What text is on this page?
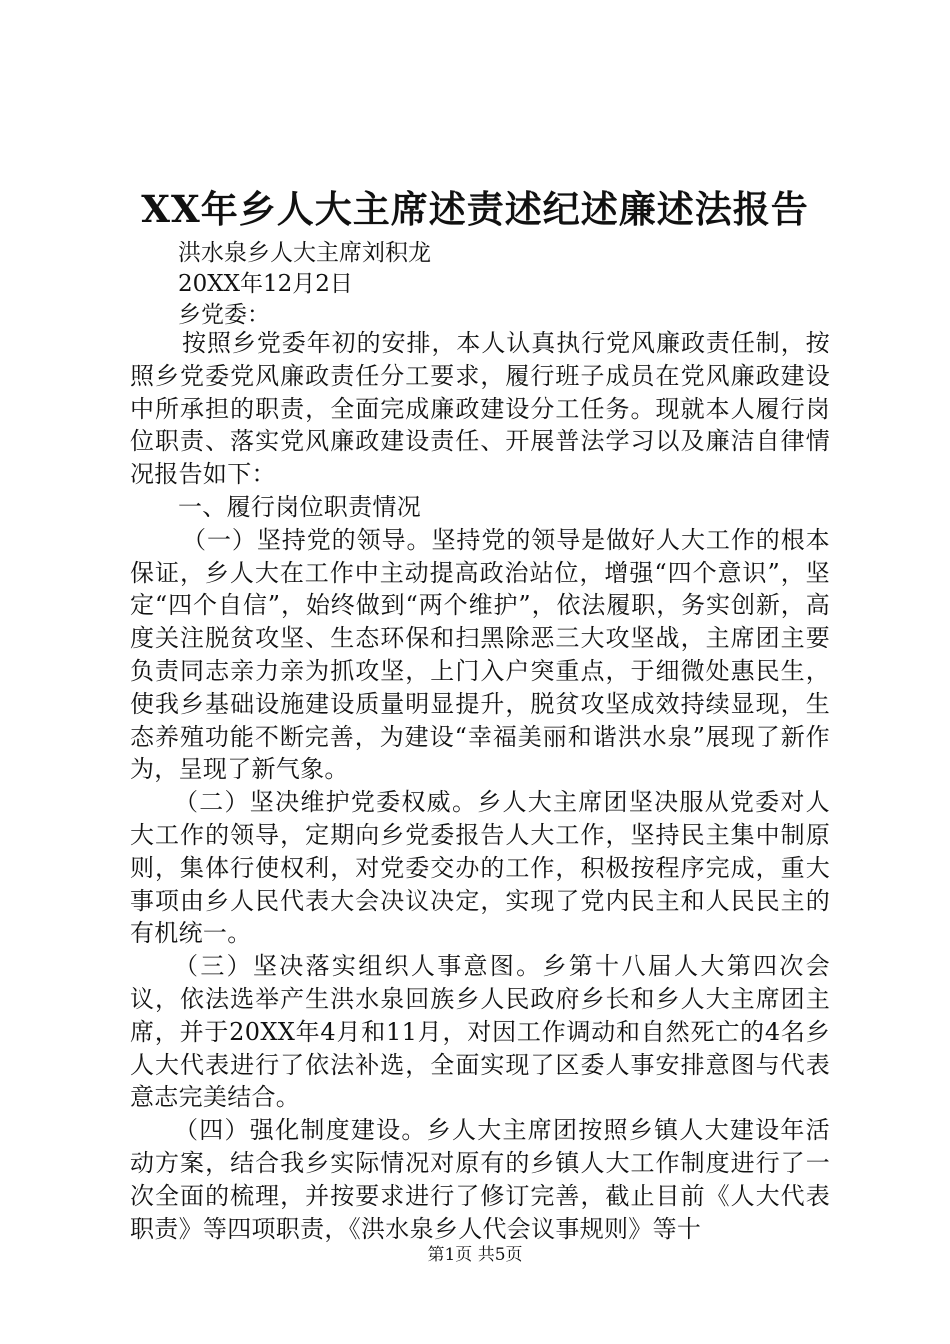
XX年乡人大主席述责述纪述廉述法报告
洪水泉乡人大主席刘积龙
20XX年12月2日
乡党委：

按照乡党委年初的安排，本人认真执行党风廉政责任制，按照乡党委党风廉政责任分工要求，履行班子成员在党风廉政建设中所承担的职责，全面完成廉政建设分工任务。现就本人履行岗位职责、落实党风廉政建设责任、开展普法学习以及廉洁自律情况报告如下：

一、履行岗位职责情况

（一）坚持党的领导。坚持党的领导是做好人大工作的根本保证，乡人大在工作中主动提高政治站位，增强“四个意识”，坚定“四个自信”，始终做到“两个维护”，依法履职，务实创新，高度关注脱贫攻坚、生态环保和扫黑除恶三大攻坚战，主席团主要负责同志亲力亲为抓攻坚，上门入户突重点，于细微处惠民生，使我乡基础设施建设质量明显提升，脱贫攻坚成效持续显现，生态养殖功能不断完善，为建设“幸福美丽和谐洪水泉”展现了新作为，呈现了新气象。

（二）坚决维护党委权威。乡人大主席团坚决服从党委对人大工作的领导，定期向乡党委报告人大工作，坚持民主集中制原则，集体行使权利，对党委交办的工作，积极按程序完成，重大事项由乡人民代表大会决议决定，实现了党内民主和人民民主的有机统一。

（三）坚决落实组织人事意图。乡第十八届人大第四次会议，依法选举产生洪水泉回族乡人民政府乡长和乡人大主席团主席，并于20XX年4月和11月，对因工作调动和自然死亡的4名乡人大代表进行了依法补选，全面实现了区委人事安排意图与代表意志完美结合。

（四）强化制度建设。乡人大主席团按照乡镇人大建设年活动方案，结合我乡实际情况对原有的乡镇人大工作制度进行了一次全面的梳理，并按要求进行了修订完善，截止目前《人大代表职责》等四项职责，《洪水泉乡人代会议事规则》等十

第1页 共5页
